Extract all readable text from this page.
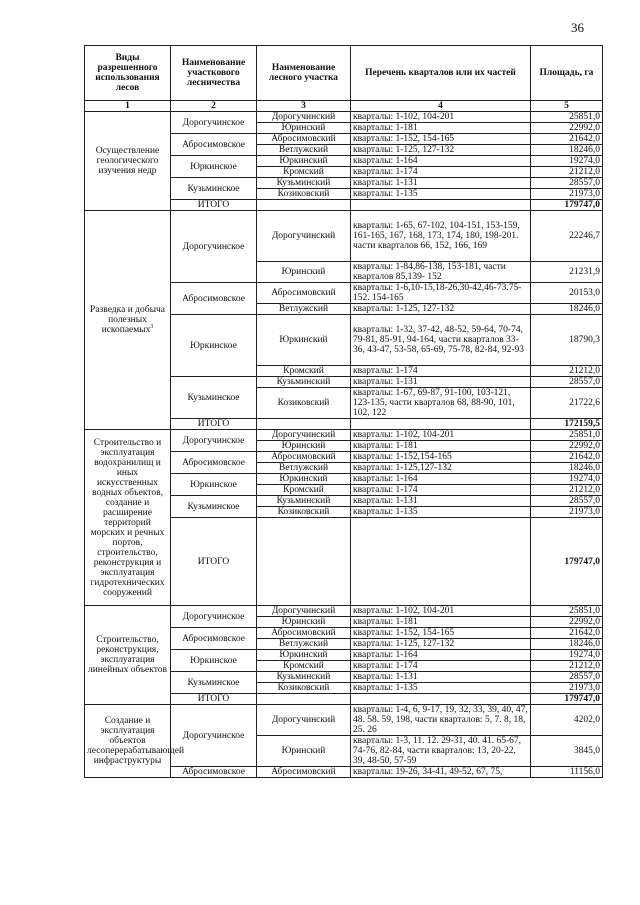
36
Виды разрешенного использования лесов	Наименование участкового лесничества	Наименование лесного участка	Перечень кварталов или их частей	Площадь, га
1	2	3	4	5
Осуществление геологического изучения недр	Дорогучинское	Дорогучинский	кварталы: 1-102, 104-201	25851,0
		Юринский	кварталы: 1-181	22992,0
	Абросимовское	Абросимовский	кварталы: 1-152, 154-165	21642,0
		Ветлужский	кварталы: 1-125, 127-132	18246,0
	Юркинское	Юркинский	кварталы: 1-164	19274,0
		Кромский	кварталы: 1-174	21212,0
	Кузьминское	Кузьминский	кварталы: 1-131	28557,0
		Козиковский	кварталы: 1-135	21973,0
	ИТОГО			179747,0
Разведка и добыча полезных ископаемых$^3$	Дорогучинское	Дорогучинский	кварталы: 1-65, 67-102, 104-151, 153-159, 161-165, 167, 168, 173, 174, 180, 198-201. части кварталов 66, 152, 166, 169	22246,7
		Юринский	кварталы: 1-84,86-138, 153-181, части кварталов 85,139- 152	21231,9
	Абросимовское	Абросимовский	кварталы: 1-6,10-15,18-26,30-42,46-73.75-152. 154-165	20153,0
		Ветлужский	кварталы: 1-125, 127-132	18246,0
	Юркинское	Юркинский	кварталы: 1-32, 37-42, 48-52, 59-64, 70-74, 79-81, 85-91, 94-164, части кварталов 33-36, 43-47, 53-58, 65-69, 75-78, 82-84, 92-93	18790,3
		Кромский	кварталы: 1-174	21212,0
	Кузьминское	Кузьминский	кварталы: 1-131	28557,0
		Козиковский	кварталы: 1-67, 69-87, 91-100, 103-121, 123-135, части кварталов 68, 88-90, 101, 102, 122	21722,6
	ИТОГО			172159,5
Строительство и эксплуатация водохранилищ и иных искусственных водных объектов, создание и расширение территорий морских и речных портов, строительство, реконструкция и эксплуатация гидротехнических сооружений	Дорогучинское	Дорогучинский	кварталы: 1-102, 104-201	25851,0
		Юринский	кварталы: 1-181	22992,0
	Абросимовское	Абросимовский	кварталы: 1-152,154-165	21642,0
		Ветлужский	кварталы: 1-125,127-132	18246,0
	Юркинское	Юркинский	кварталы: 1-164	19274,0
		Кромский	кварталы: 1-174	21212,0
	Кузьминское	Кузьминский	кварталы: 1-131	28557,0
		Козиковский	кварталы: 1-135	21973,0
	ИТОГО			179747,0
Строительство, реконструкция, эксплуатация линейных объектов	Дорогучинское	Дорогучинский	кварталы: 1-102, 104-201	25851,0
		Юринский	кварталы: 1-181	22992,0
	Абросимовское	Абросимовский	кварталы: 1-152, 154-165	21642,0
		Ветлужский	кварталы: 1-125, 127-132	18246,0
	Юркинское	Юркинский	кварталы: 1-164	19274,0
		Кромский	кварталы: 1-174	21212,0
	Кузьминское	Кузьминский	кварталы: 1-131	28557,0
		Козиковский	кварталы: 1-135	21973,0
	ИТОГО			179747,0
Создание и эксплуатация объектов лесоперерабатывающей инфраструктуры	Дорогучинское	Дорогучинский	кварталы: 1-4, 6, 9-17, 19, 32, 33, 39, 40, 47, 48. 58. 59, 198, части кварталов: 5, 7. 8, 18, 25. 26	4202,0
		Юринский	кварталы: 1-3, 11. 12. 29-31, 40. 41. 65-67, 74-76, 82-84, части кварталов: 13, 20-22, 39, 48-50, 57-59	3845,0
	Абросимовское	Абросимовский	кварталы: 19-26, 34-41, 49-52, 67, 75,	11156,0
